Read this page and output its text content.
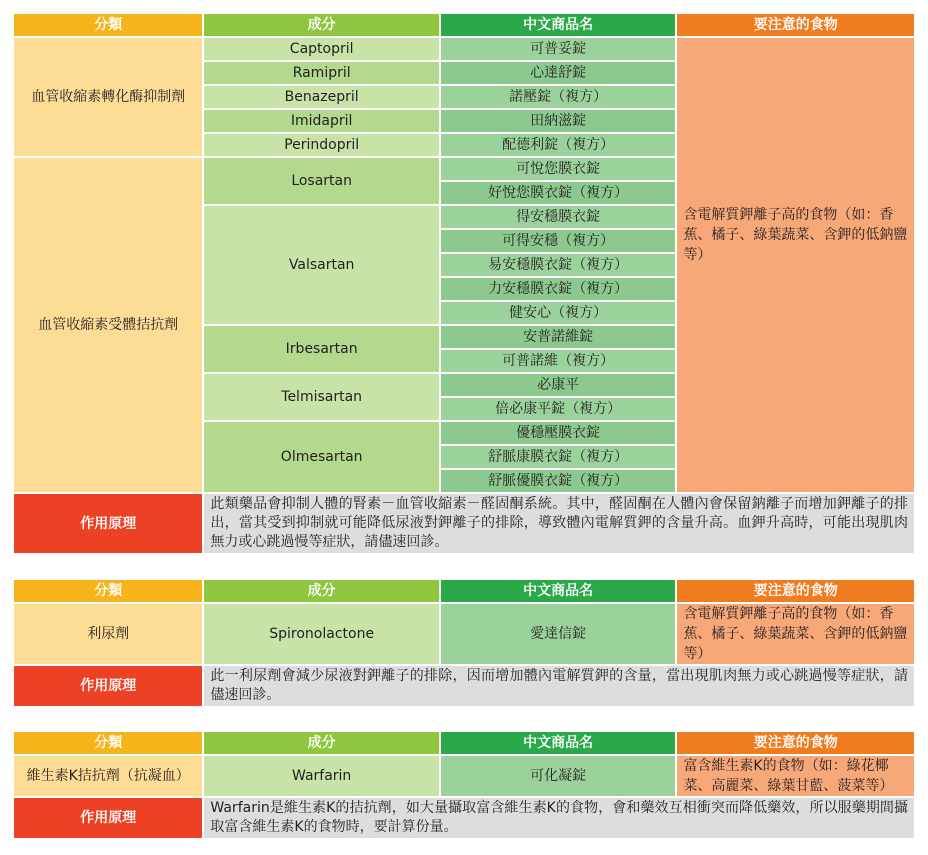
分類	成分	中文商品名	要注意的食物
血管收縮素轉化酶抑制劑	Captopril	可普妥錠	含電解質鉀離子高的食物（如：香蕉、橘子、綠葉蔬菜、含鉀的低鈉鹽等）
	Ramipril	心達舒錠	
	Benazepril	諾壓錠（複方）	
	Imidapril	田納滋錠	
	Perindopril	配德利錠（複方）	
血管收縮素受體拮抗劑	Losartan	可悅您膜衣錠	
		好悅您膜衣錠（複方）	
	Valsartan	得安穩膜衣錠	
		可得安穩（複方）	
		易安穩膜衣錠（複方）	
		力安穩膜衣錠（複方）	
		健安心（複方）	
	Irbesartan	安普諾維錠	
		可普諾維（複方）	
	Telmisartan	必康平	
		倍必康平錠（複方）	
	Olmesartan	優穩壓膜衣錠	
		舒脈康膜衣錠（複方）	
		舒脈優膜衣錠（複方）	
作用原理	此類藥品會抑制人體的腎素－血管收縮素－醛固酮系統。其中，醛固酮在人體內會保留鈉離子而增加鉀離子的排出，當其受到抑制就可能降低尿液對鉀離子的排除，導致體內電解質鉀的含量升高。血鉀升高時，可能出現肌肉無力或心跳過慢等症狀，請儘速回診。		
分類	成分	中文商品名	要注意的食物
利尿劑	Spironolactone	愛達信錠	含電解質鉀離子高的食物（如：香蕉、橘子、綠葉蔬菜、含鉀的低鈉鹽等）
作用原理	此一利尿劑會減少尿液對鉀離子的排除，因而增加體內電解質鉀的含量，當出現肌肉無力或心跳過慢等症狀，請儘速回診。		
分類	成分	中文商品名	要注意的食物
維生素K拮抗劑（抗凝血）	Warfarin	可化凝錠	富含維生素K的食物（如：綠花椰菜、高麗菜、綠葉甘藍、菠菜等）
作用原理	Warfarin是維生素K的拮抗劑，如大量攝取富含維生素K的食物，會和藥效互相衝突而降低藥效，所以服藥期間攝取富含維生素K的食物時，要計算份量。		
